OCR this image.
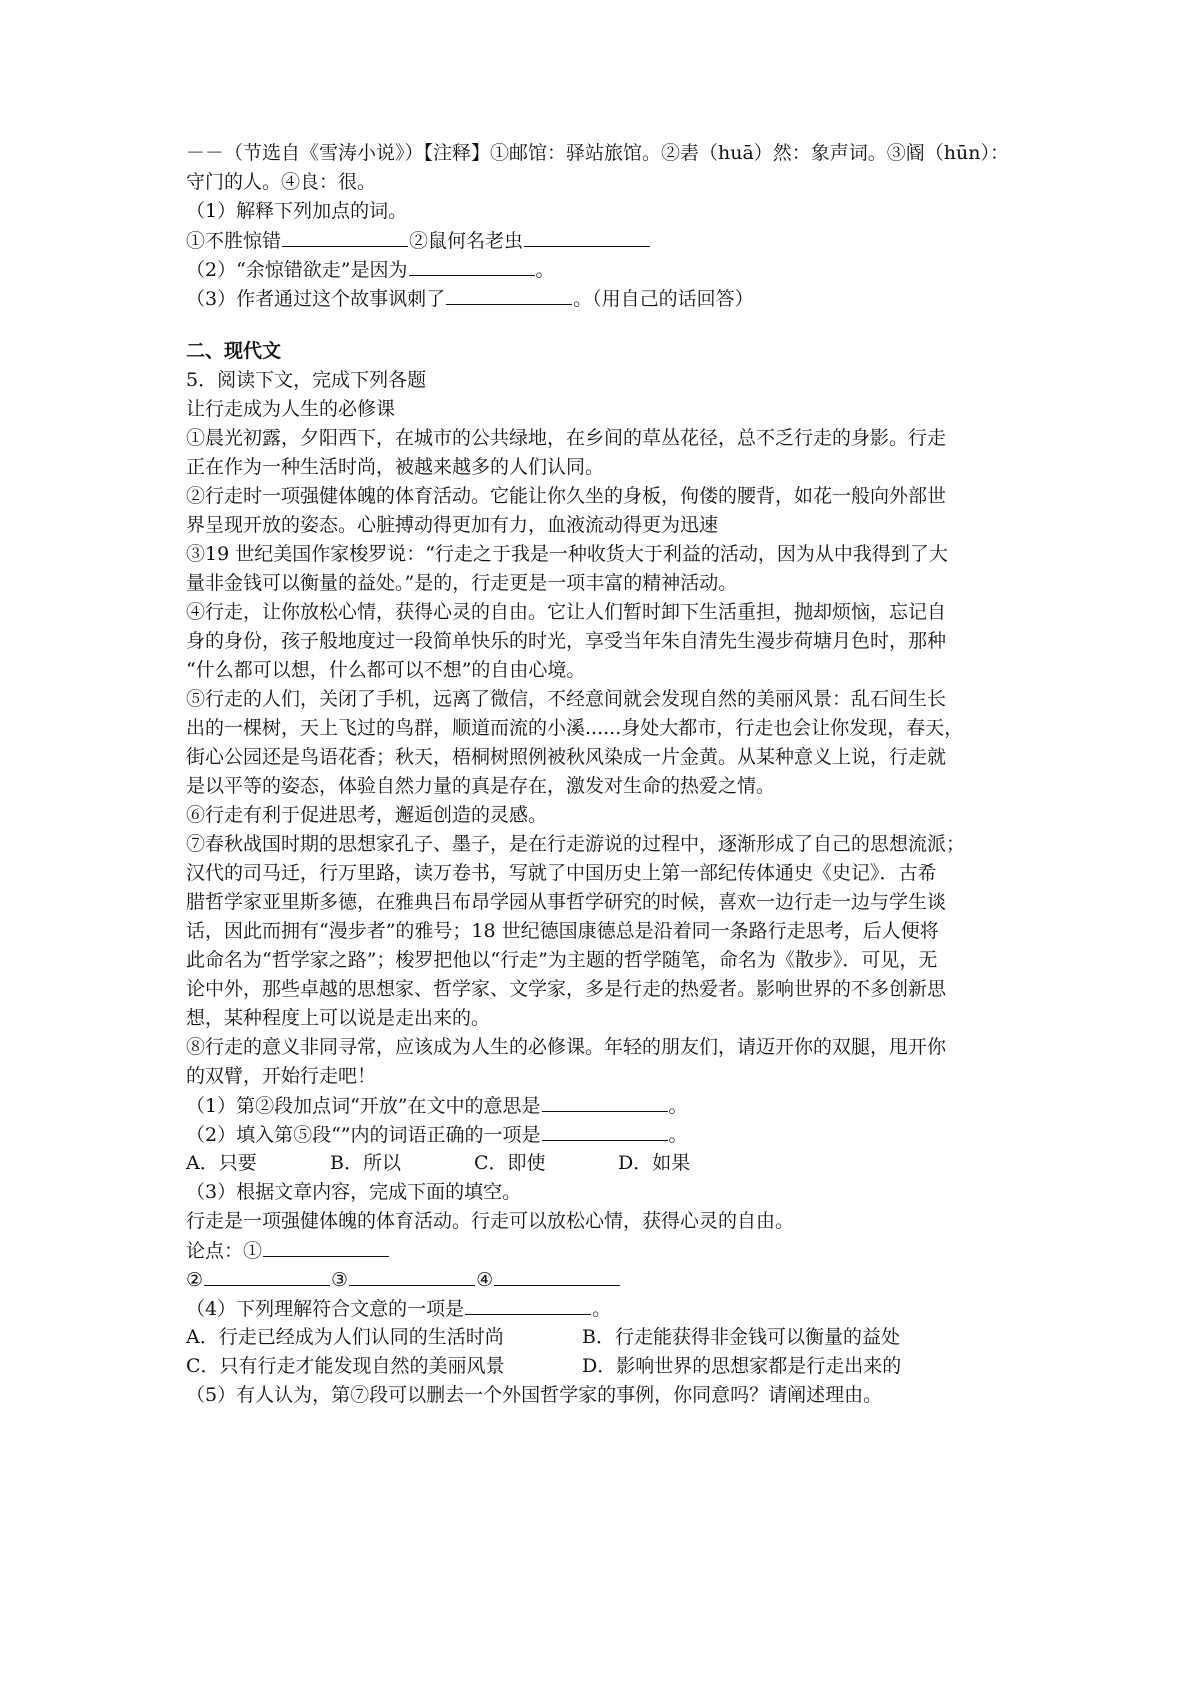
－－（节选自《雪涛小说》）【注释】①邮馆：驿站旅馆。②砉（huā）然：象声词。③阍（hūn）：
守门的人。④良：很。
（1）解释下列加点的词。
①不胜惊错	②鼠何名老虫
（2）“余惊错欲走”是因为	。
（3）作者通过这个故事讽刺了	。（用自己的话回答）
二、现代文
5．阅读下文，完成下列各题
让行走成为人生的必修课
①晨光初露，夕阳西下，在城市的公共绿地，在乡间的草丛花径，总不乏行走的身影。行走
正在作为一种生活时尚，被越来越多的人们认同。
②行走时一项强健体魄的体育活动。它能让你久坐的身板，佝偻的腰背，如花一般向外部世
界呈现开放的姿态。心脏搏动得更加有力，血液流动得更为迅速
③19 世纪美国作家梭罗说：“行走之于我是一种收货大于利益的活动，因为从中我得到了大
量非金钱可以衡量的益处。”是的，行走更是一项丰富的精神活动。
④行走，让你放松心情，获得心灵的自由。它让人们暂时卸下生活重担，抛却烦恼，忘记自
身的身份，孩子般地度过一段简单快乐的时光，享受当年朱自清先生漫步荷塘月色时，那种
“什么都可以想，什么都可以不想”的自由心境。
⑤行走的人们，关闭了手机，远离了微信，不经意间就会发现自然的美丽风景：乱石间生长
出的一棵树，天上飞过的鸟群，顺道而流的小溪......身处大都市，行走也会让你发现，春天，
街心公园还是鸟语花香；秋天，梧桐树照例被秋风染成一片金黄。从某种意义上说，行走就
是以平等的姿态，体验自然力量的真是存在，激发对生命的热爱之情。
⑥行走有利于促进思考，邂逅创造的灵感。
⑦春秋战国时期的思想家孔子、墨子，是在行走游说的过程中，逐渐形成了自己的思想流派；
汉代的司马迁，行万里路，读万卷书，写就了中国历史上第一部纪传体通史《史记》．古希
腊哲学家亚里斯多德，在雅典吕布昂学园从事哲学研究的时候，喜欢一边行走一边与学生谈
话，因此而拥有“漫步者”的雅号；18 世纪德国康德总是沿着同一条路行走思考，后人便将
此命名为“哲学家之路”；梭罗把他以“行走”为主题的哲学随笔，命名为《散步》．可见，无
论中外，那些卓越的思想家、哲学家、文学家，多是行走的热爱者。影响世界的不多创新思
想，某种程度上可以说是走出来的。
⑧行走的意义非同寻常，应该成为人生的必修课。年轻的朋友们，请迈开你的双腿，甩开你
的双臂，开始行走吧！
（1）第②段加点词“开放”在文中的意思是	。
（2）填入第⑤段“”内的词语正确的一项是	。
A．只要	B．所以	C．即使	D．如果
（3）根据文章内容，完成下面的填空。
行走是一项强健体魄的体育活动。行走可以放松心情，获得心灵的自由。
论点：①
②	③	④
（4）下列理解符合文意的一项是	。
A．行走已经成为人们认同的生活时尚	B．行走能获得非金钱可以衡量的益处
C．只有行走才能发现自然的美丽风景	D．影响世界的思想家都是行走出来的
（5）有人认为，第⑦段可以删去一个外国哲学家的事例，你同意吗？请阐述理由。
